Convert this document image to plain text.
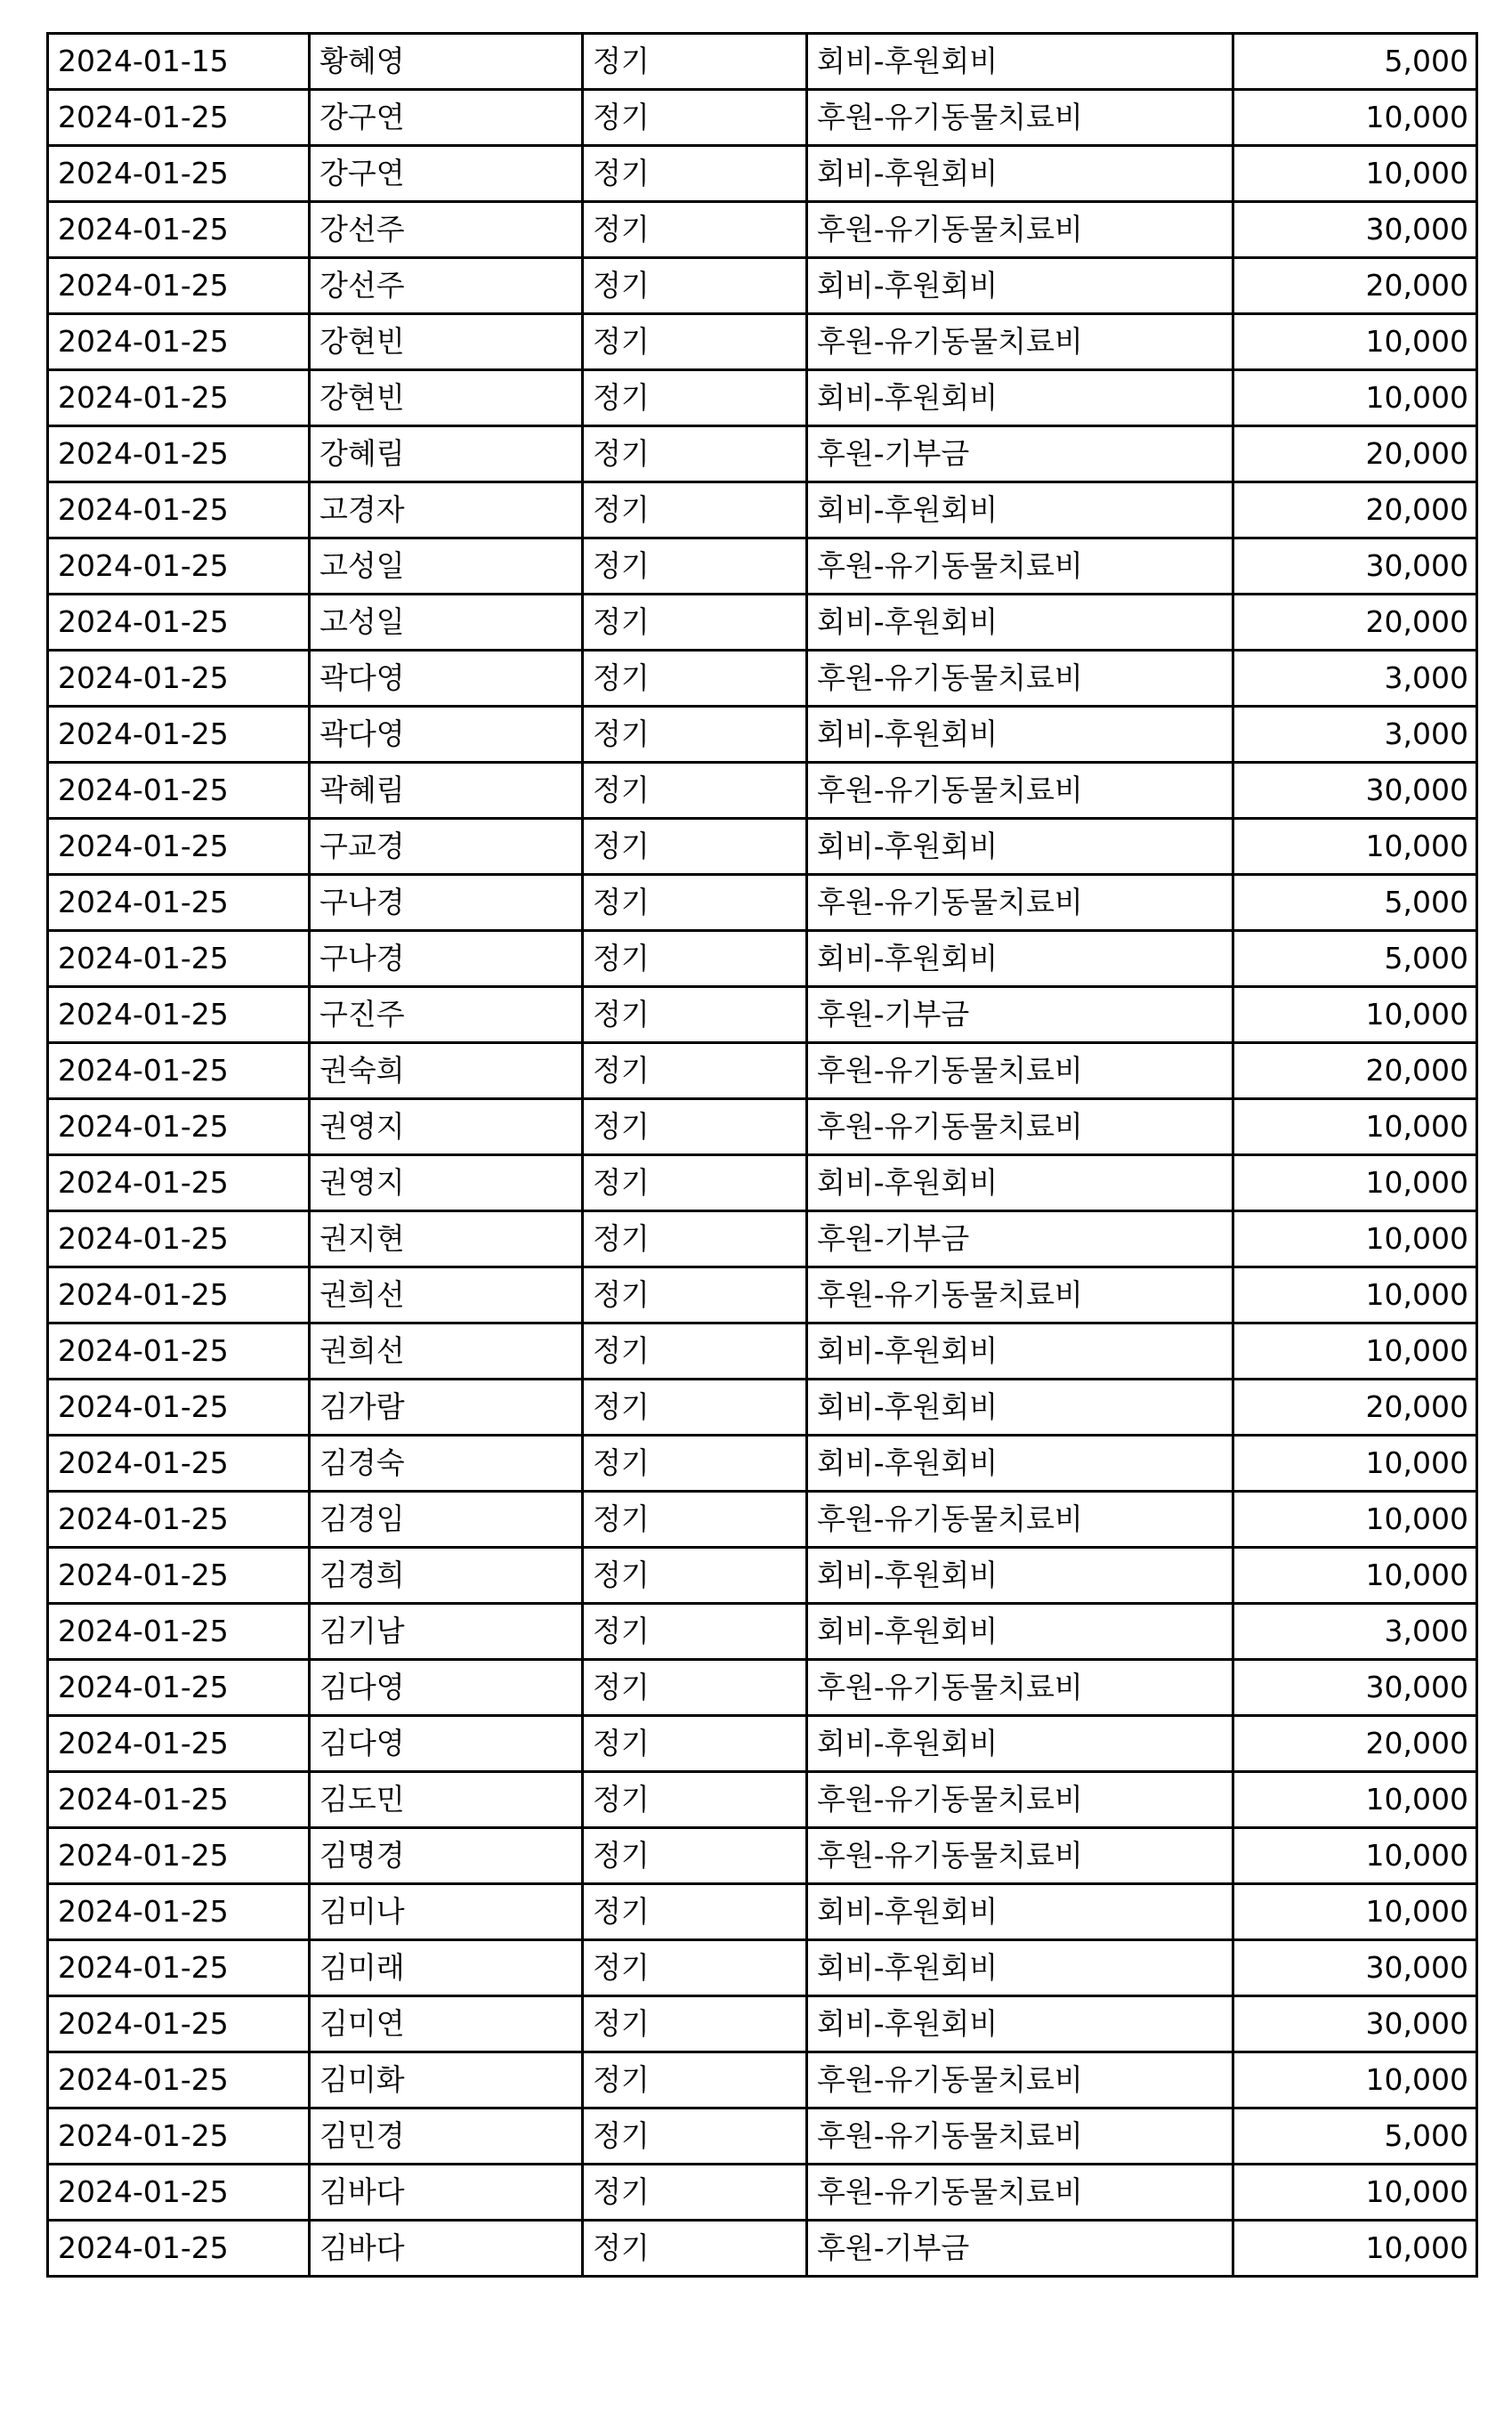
2024-01-15	황혜영	정기	회비-후원회비	5,000
2024-01-25	강구연	정기	후원-유기동물치료비	10,000
2024-01-25	강구연	정기	회비-후원회비	10,000
2024-01-25	강선주	정기	후원-유기동물치료비	30,000
2024-01-25	강선주	정기	회비-후원회비	20,000
2024-01-25	강현빈	정기	후원-유기동물치료비	10,000
2024-01-25	강현빈	정기	회비-후원회비	10,000
2024-01-25	강혜림	정기	후원-기부금	20,000
2024-01-25	고경자	정기	회비-후원회비	20,000
2024-01-25	고성일	정기	후원-유기동물치료비	30,000
2024-01-25	고성일	정기	회비-후원회비	20,000
2024-01-25	곽다영	정기	후원-유기동물치료비	3,000
2024-01-25	곽다영	정기	회비-후원회비	3,000
2024-01-25	곽혜림	정기	후원-유기동물치료비	30,000
2024-01-25	구교경	정기	회비-후원회비	10,000
2024-01-25	구나경	정기	후원-유기동물치료비	5,000
2024-01-25	구나경	정기	회비-후원회비	5,000
2024-01-25	구진주	정기	후원-기부금	10,000
2024-01-25	권숙희	정기	후원-유기동물치료비	20,000
2024-01-25	권영지	정기	후원-유기동물치료비	10,000
2024-01-25	권영지	정기	회비-후원회비	10,000
2024-01-25	권지현	정기	후원-기부금	10,000
2024-01-25	권희선	정기	후원-유기동물치료비	10,000
2024-01-25	권희선	정기	회비-후원회비	10,000
2024-01-25	김가람	정기	회비-후원회비	20,000
2024-01-25	김경숙	정기	회비-후원회비	10,000
2024-01-25	김경임	정기	후원-유기동물치료비	10,000
2024-01-25	김경희	정기	회비-후원회비	10,000
2024-01-25	김기남	정기	회비-후원회비	3,000
2024-01-25	김다영	정기	후원-유기동물치료비	30,000
2024-01-25	김다영	정기	회비-후원회비	20,000
2024-01-25	김도민	정기	후원-유기동물치료비	10,000
2024-01-25	김명경	정기	후원-유기동물치료비	10,000
2024-01-25	김미나	정기	회비-후원회비	10,000
2024-01-25	김미래	정기	회비-후원회비	30,000
2024-01-25	김미연	정기	회비-후원회비	30,000
2024-01-25	김미화	정기	후원-유기동물치료비	10,000
2024-01-25	김민경	정기	후원-유기동물치료비	5,000
2024-01-25	김바다	정기	후원-유기동물치료비	10,000
2024-01-25	김바다	정기	후원-기부금	10,000
